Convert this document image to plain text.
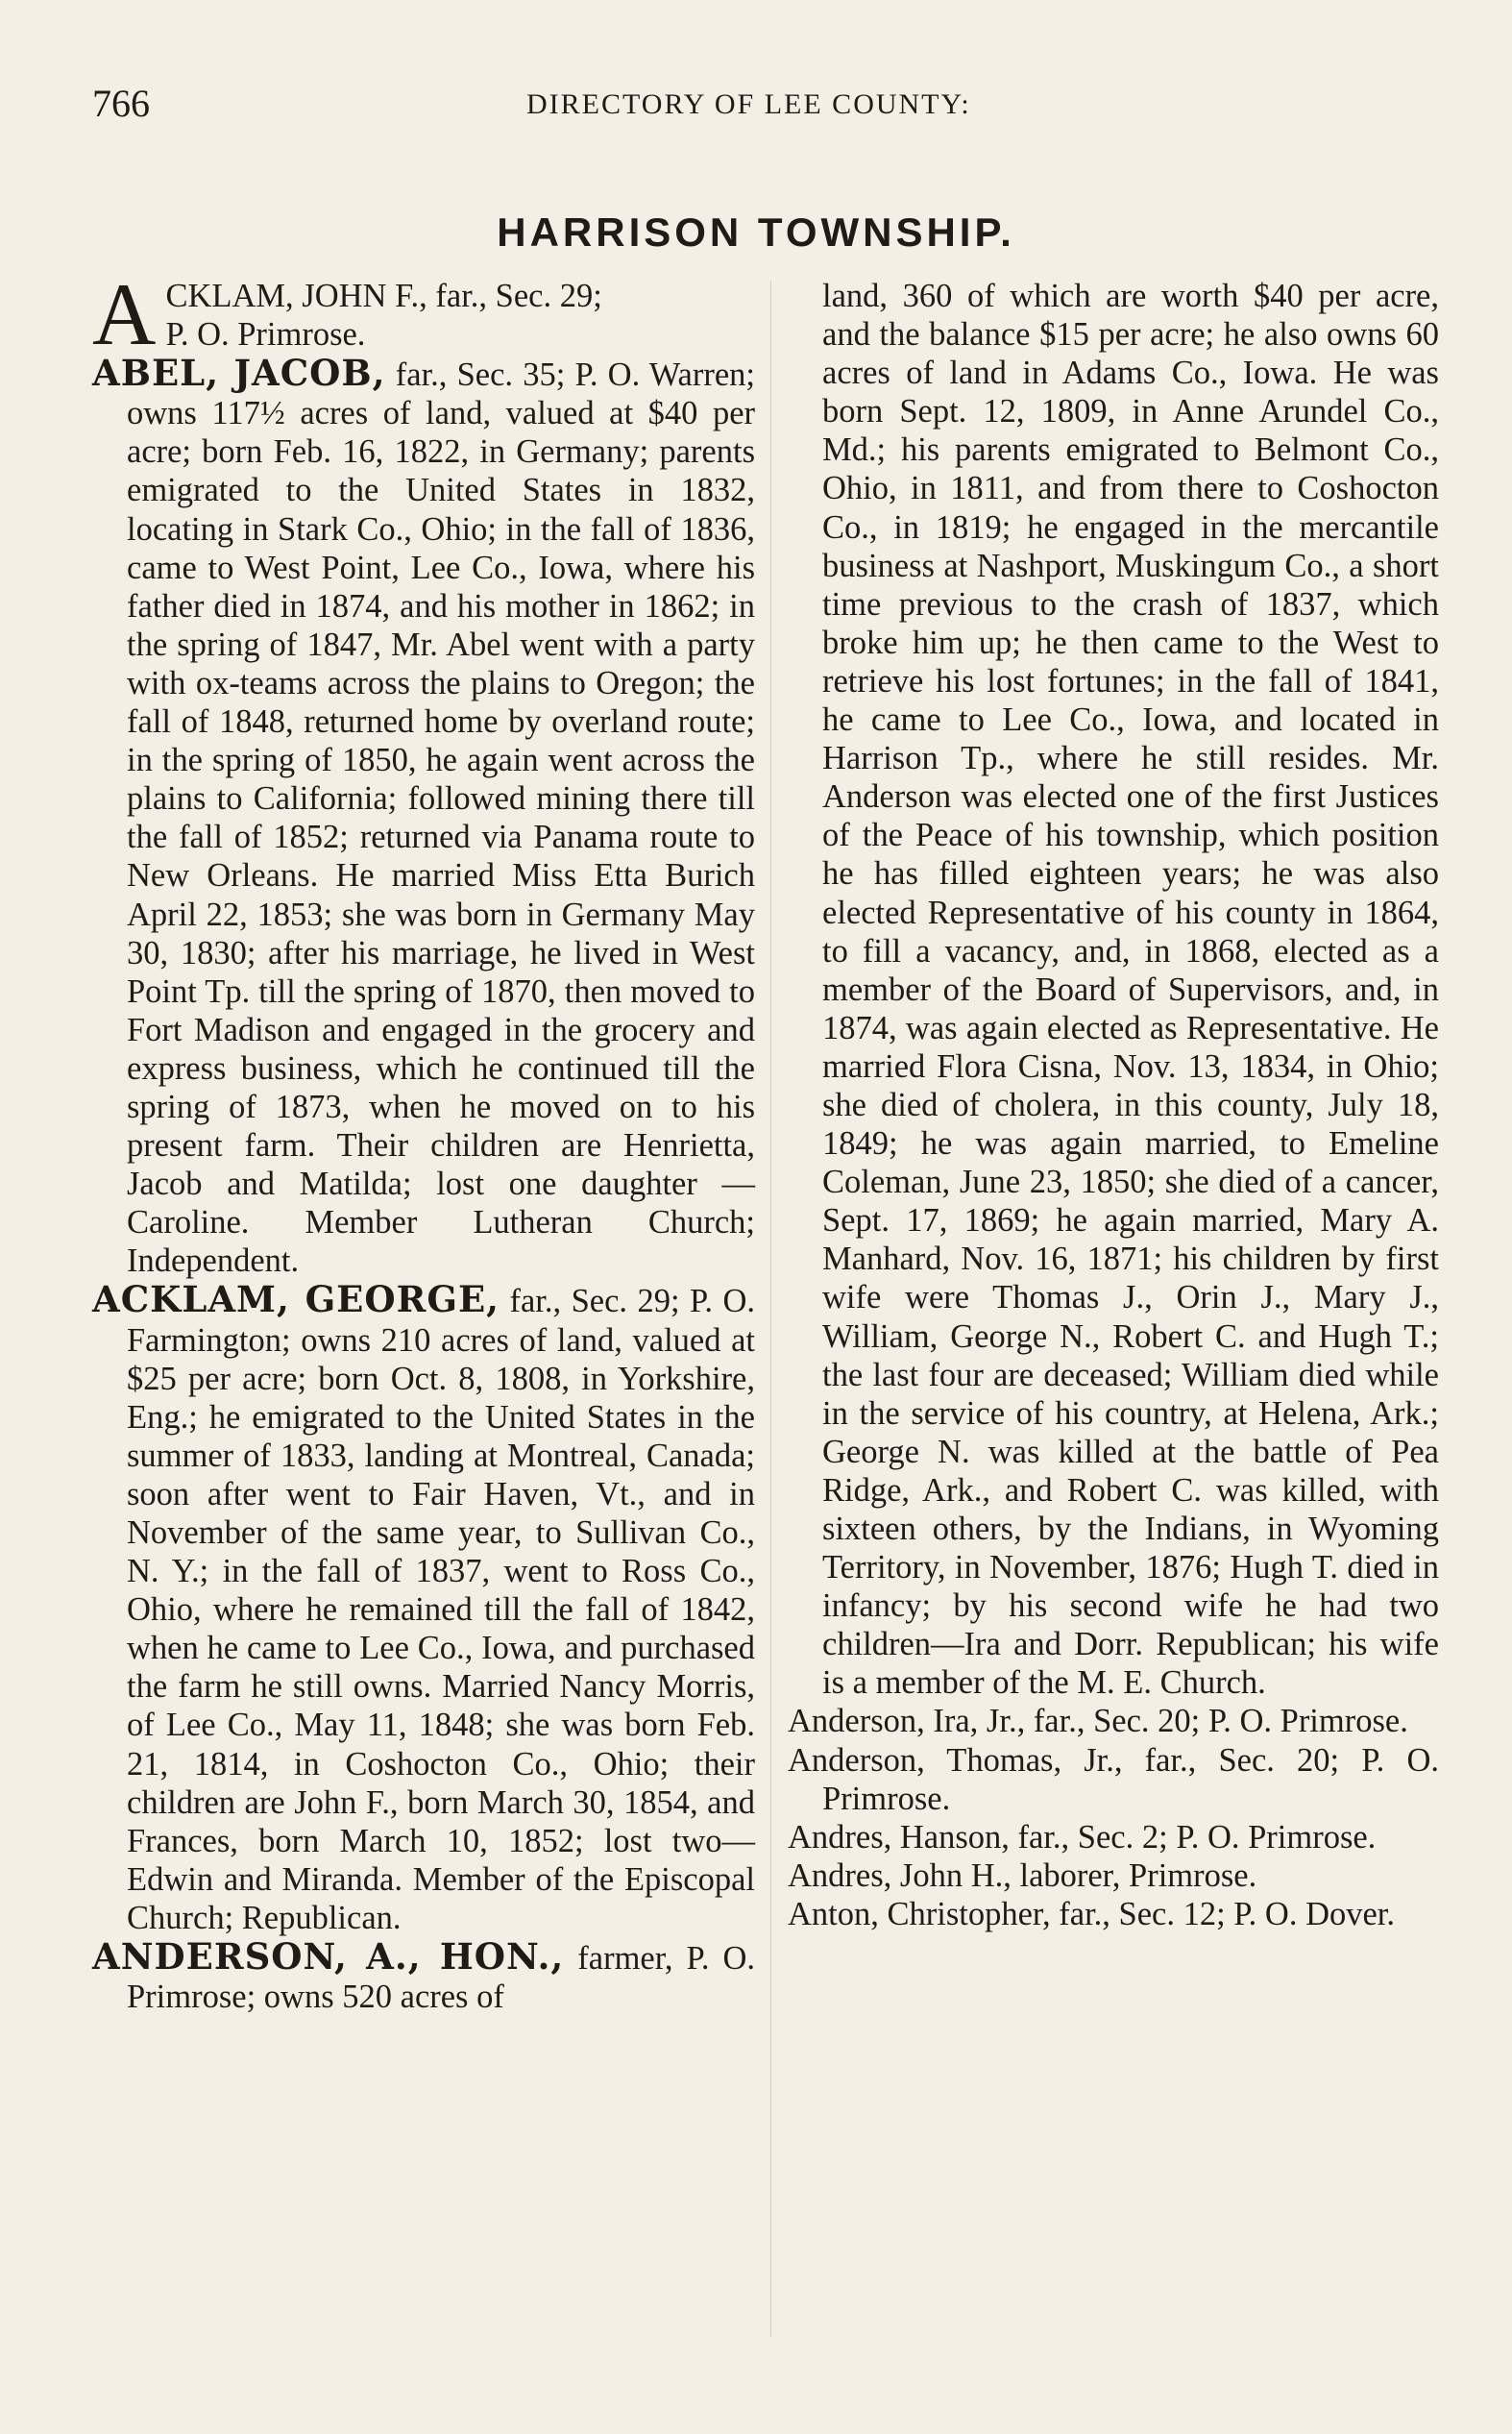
766	DIRECTORY OF LEE COUNTY:
HARRISON TOWNSHIP.
A CKLAM, JOHN F., far., Sec. 29;
P. O. Primrose.

ABEL, JACOB, far., Sec. 35; P. O. Warren; owns 117½ acres of land, valued at $40 per acre; born Feb. 16, 1822, in Germany; parents emigrated to the United States in 1832, locating in Stark Co., Ohio; in the fall of 1836, came to West Point, Lee Co., Iowa, where his father died in 1874, and his mother in 1862; in the spring of 1847, Mr. Abel went with a party with ox-teams across the plains to Oregon; the fall of 1848, returned home by overland route; in the spring of 1850, he again went across the plains to California; followed mining there till the fall of 1852; returned via Panama route to New Orleans. He married Miss Etta Burich April 22, 1853; she was born in Germany May 30, 1830; after his marriage, he lived in West Point Tp. till the spring of 1870, then moved to Fort Madison and engaged in the grocery and express business, which he continued till the spring of 1873, when he moved on to his present farm. Their children are Henrietta, Jacob and Matilda; lost one daughter — Caroline. Member Lutheran Church; Independent.

ACKLAM, GEORGE, far., Sec. 29; P. O. Farmington; owns 210 acres of land, valued at $25 per acre; born Oct. 8, 1808, in Yorkshire, Eng.; he emigrated to the United States in the summer of 1833, landing at Montreal, Canada; soon after went to Fair Haven, Vt., and in November of the same year, to Sullivan Co., N. Y.; in the fall of 1837, went to Ross Co., Ohio, where he remained till the fall of 1842, when he came to Lee Co., Iowa, and purchased the farm he still owns. Married Nancy Morris, of Lee Co., May 11, 1848; she was born Feb. 21, 1814, in Coshocton Co., Ohio; their children are John F., born March 30, 1854, and Frances, born March 10, 1852; lost two—Edwin and Miranda. Member of the Episcopal Church; Republican.

ANDERSON, A., HON., farmer, P. O. Primrose; owns 520 acres of

land, 360 of which are worth $40 per acre, and the balance $15 per acre; he also owns 60 acres of land in Adams Co., Iowa. He was born Sept. 12, 1809, in Anne Arundel Co., Md.; his parents emigrated to Belmont Co., Ohio, in 1811, and from there to Coshocton Co., in 1819; he engaged in the mercantile business at Nashport, Muskingum Co., a short time previous to the crash of 1837, which broke him up; he then came to the West to retrieve his lost fortunes; in the fall of 1841, he came to Lee Co., Iowa, and located in Harrison Tp., where he still resides. Mr. Anderson was elected one of the first Justices of the Peace of his township, which position he has filled eighteen years; he was also elected Representative of his county in 1864, to fill a vacancy, and, in 1868, elected as a member of the Board of Supervisors, and, in 1874, was again elected as Representative. He married Flora Cisna, Nov. 13, 1834, in Ohio; she died of cholera, in this county, July 18, 1849; he was again married, to Emeline Coleman, June 23, 1850; she died of a cancer, Sept. 17, 1869; he again married, Mary A. Manhard, Nov. 16, 1871; his children by first wife were Thomas J., Orin J., Mary J., William, George N., Robert C. and Hugh T.; the last four are deceased; William died while in the service of his country, at Helena, Ark.; George N. was killed at the battle of Pea Ridge, Ark., and Robert C. was killed, with sixteen others, by the Indians, in Wyoming Territory, in November, 1876; Hugh T. died in infancy; by his second wife he had two children—Ira and Dorr. Republican; his wife is a member of the M. E. Church.

Anderson, Ira, Jr., far., Sec. 20; P. O. Primrose.

Anderson, Thomas, Jr., far., Sec. 20; P. O. Primrose.

Andres, Hanson, far., Sec. 2; P. O. Primrose.

Andres, John H., laborer, Primrose.

Anton, Christopher, far., Sec. 12; P. O. Dover.
